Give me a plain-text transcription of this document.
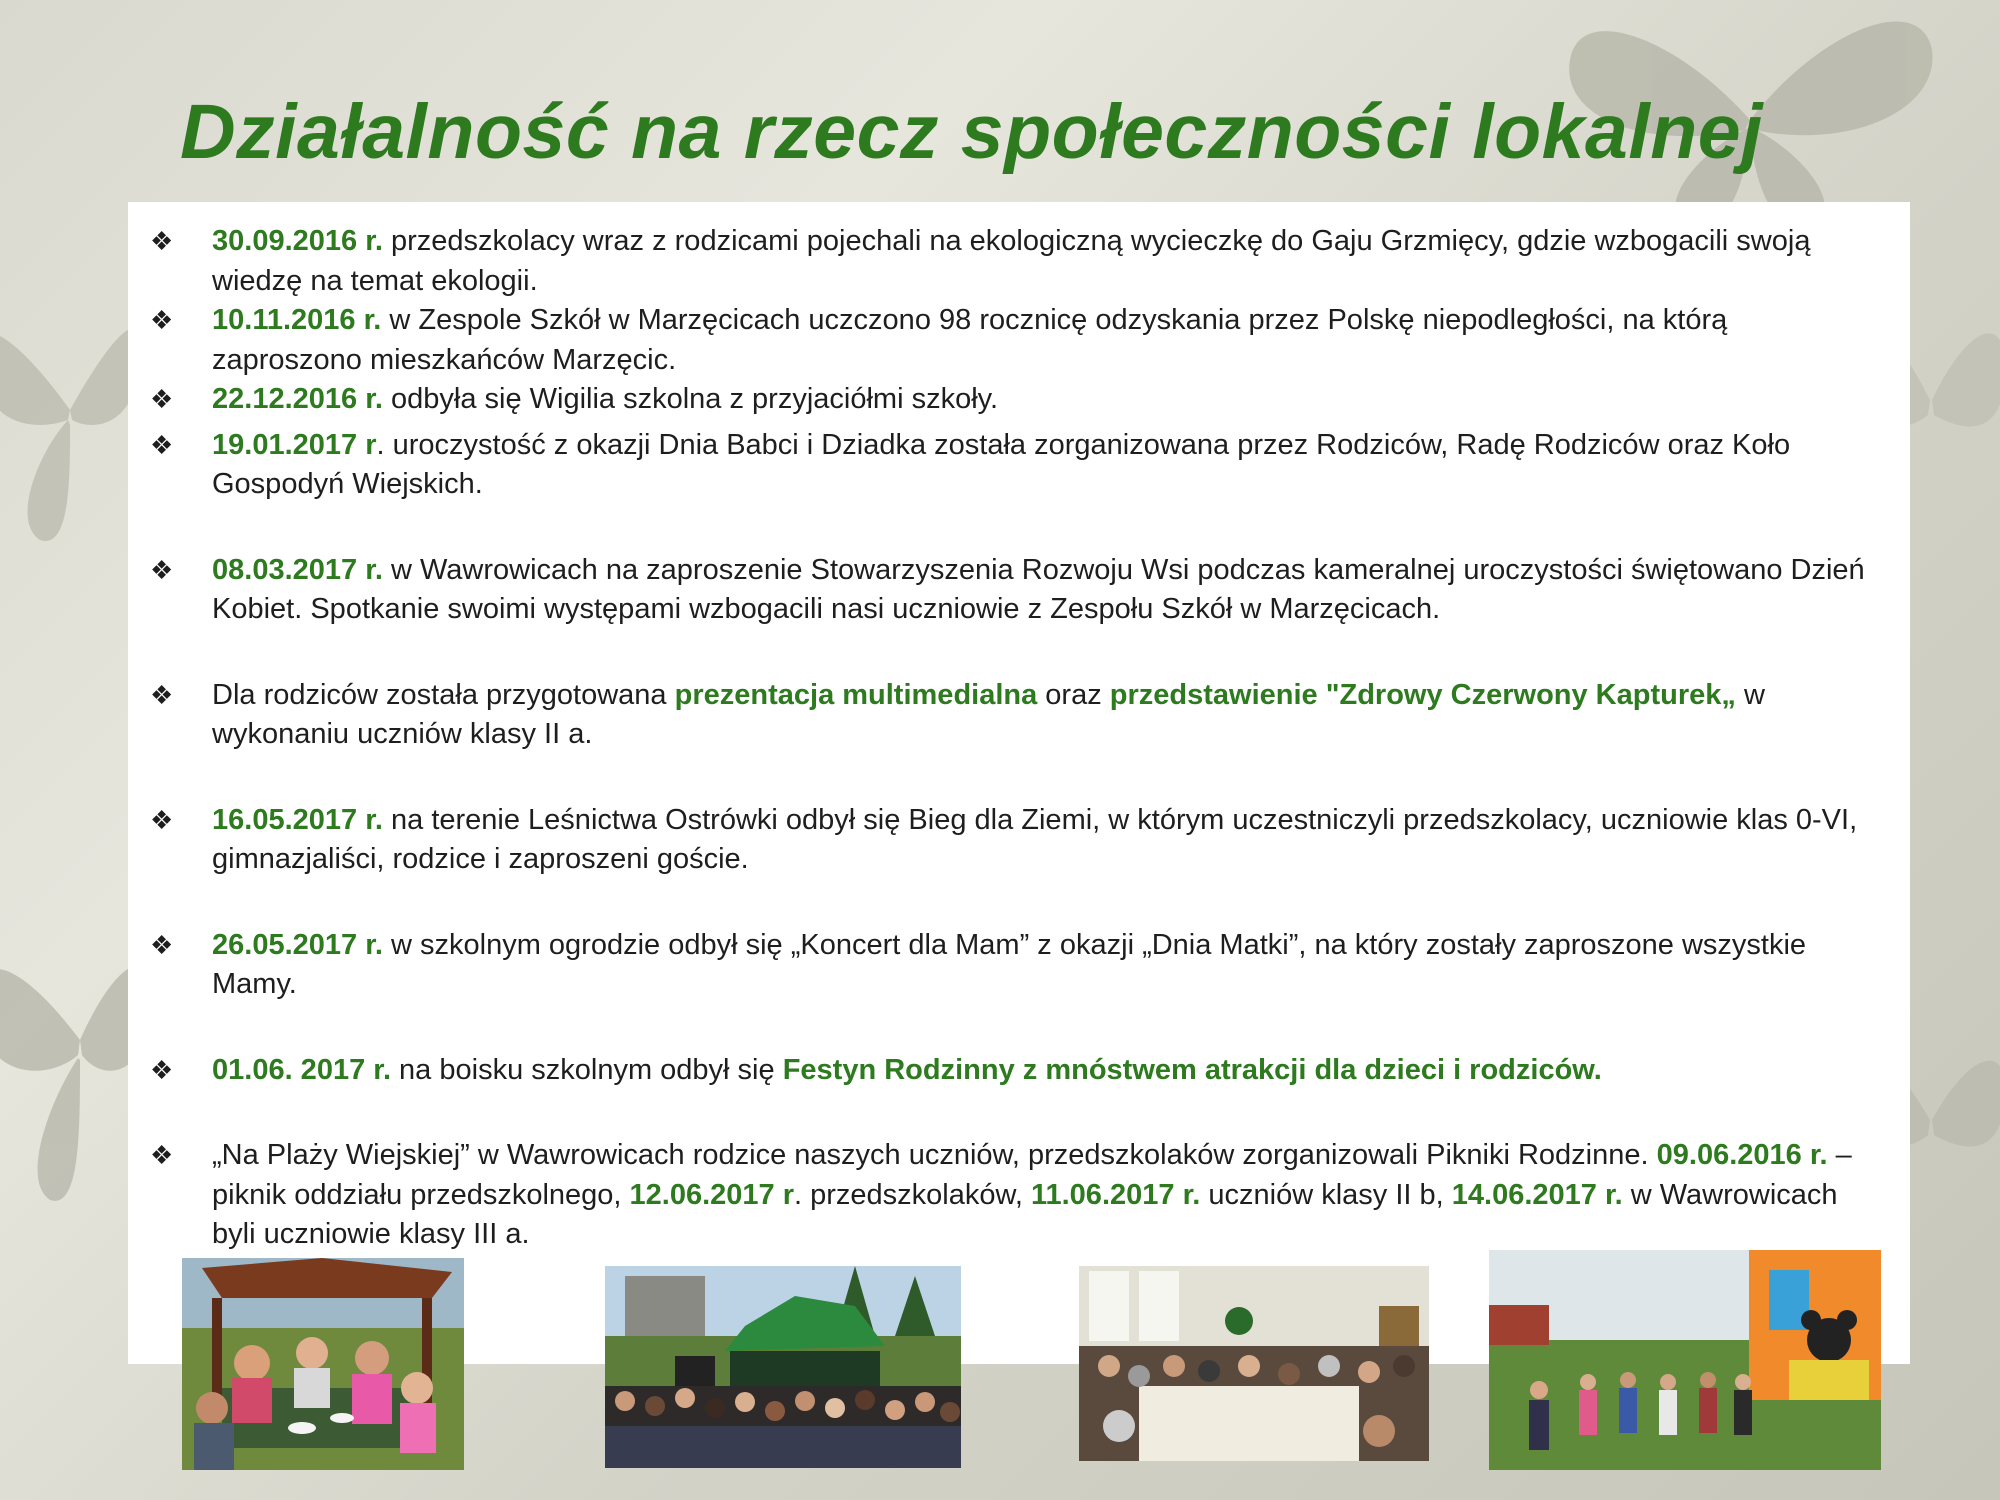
Działalność na rzecz społeczności lokalnej
❖ 30.09.2016 r. przedszkolacy wraz z rodzicami pojechali na ekologiczną wycieczkę do Gaju Grzmięcy, gdzie wzbogacili swoją wiedzę na temat ekologii.
❖ 10.11.2016 r. w Zespole Szkół w Marzęcicach uczczono 98 rocznicę odzyskania przez Polskę niepodległości, na którą zaproszono mieszkańców Marzęcic.
❖ 22.12.2016 r. odbyła się Wigilia szkolna z przyjaciółmi szkoły.
❖ 19.01.2017 r. uroczystość z okazji Dnia Babci i Dziadka została zorganizowana przez Rodziców, Radę Rodziców oraz Koło Gospodyń Wiejskich.
❖ 08.03.2017 r. w Wawrowicach na zaproszenie Stowarzyszenia Rozwoju Wsi podczas kameralnej uroczystości świętowano Dzień Kobiet. Spotkanie swoimi występami wzbogacili nasi uczniowie z Zespołu Szkół w Marzęcicach.
❖ Dla rodziców została przygotowana prezentacja multimedialna oraz przedstawienie "Zdrowy Czerwony Kapturek„ w wykonaniu uczniów klasy II a.
❖ 16.05.2017 r. na terenie Leśnictwa Ostrówki odbył się Bieg dla Ziemi, w którym uczestniczyli przedszkolacy, uczniowie klas 0-VI, gimnazjaliści, rodzice i zaproszeni goście.
❖ 26.05.2017 r. w szkolnym ogrodzie odbył się „Koncert dla Mam” z okazji „Dnia Matki”, na który zostały zaproszone wszystkie Mamy.
❖ 01.06. 2017 r. na boisku szkolnym odbył się Festyn Rodzinny z mnóstwem atrakcji dla dzieci i rodziców.
❖ „Na Plaży Wiejskiej” w Wawrowicach rodzice naszych uczniów, przedszkolaków zorganizowali Pikniki Rodzinne. 09.06.2016 r. – piknik oddziału przedszkolnego, 12.06.2017 r. przedszkolaków, 11.06.2017 r. uczniów klasy II b, 14.06.2017 r. w Wawrowicach byli uczniowie klasy III a.
